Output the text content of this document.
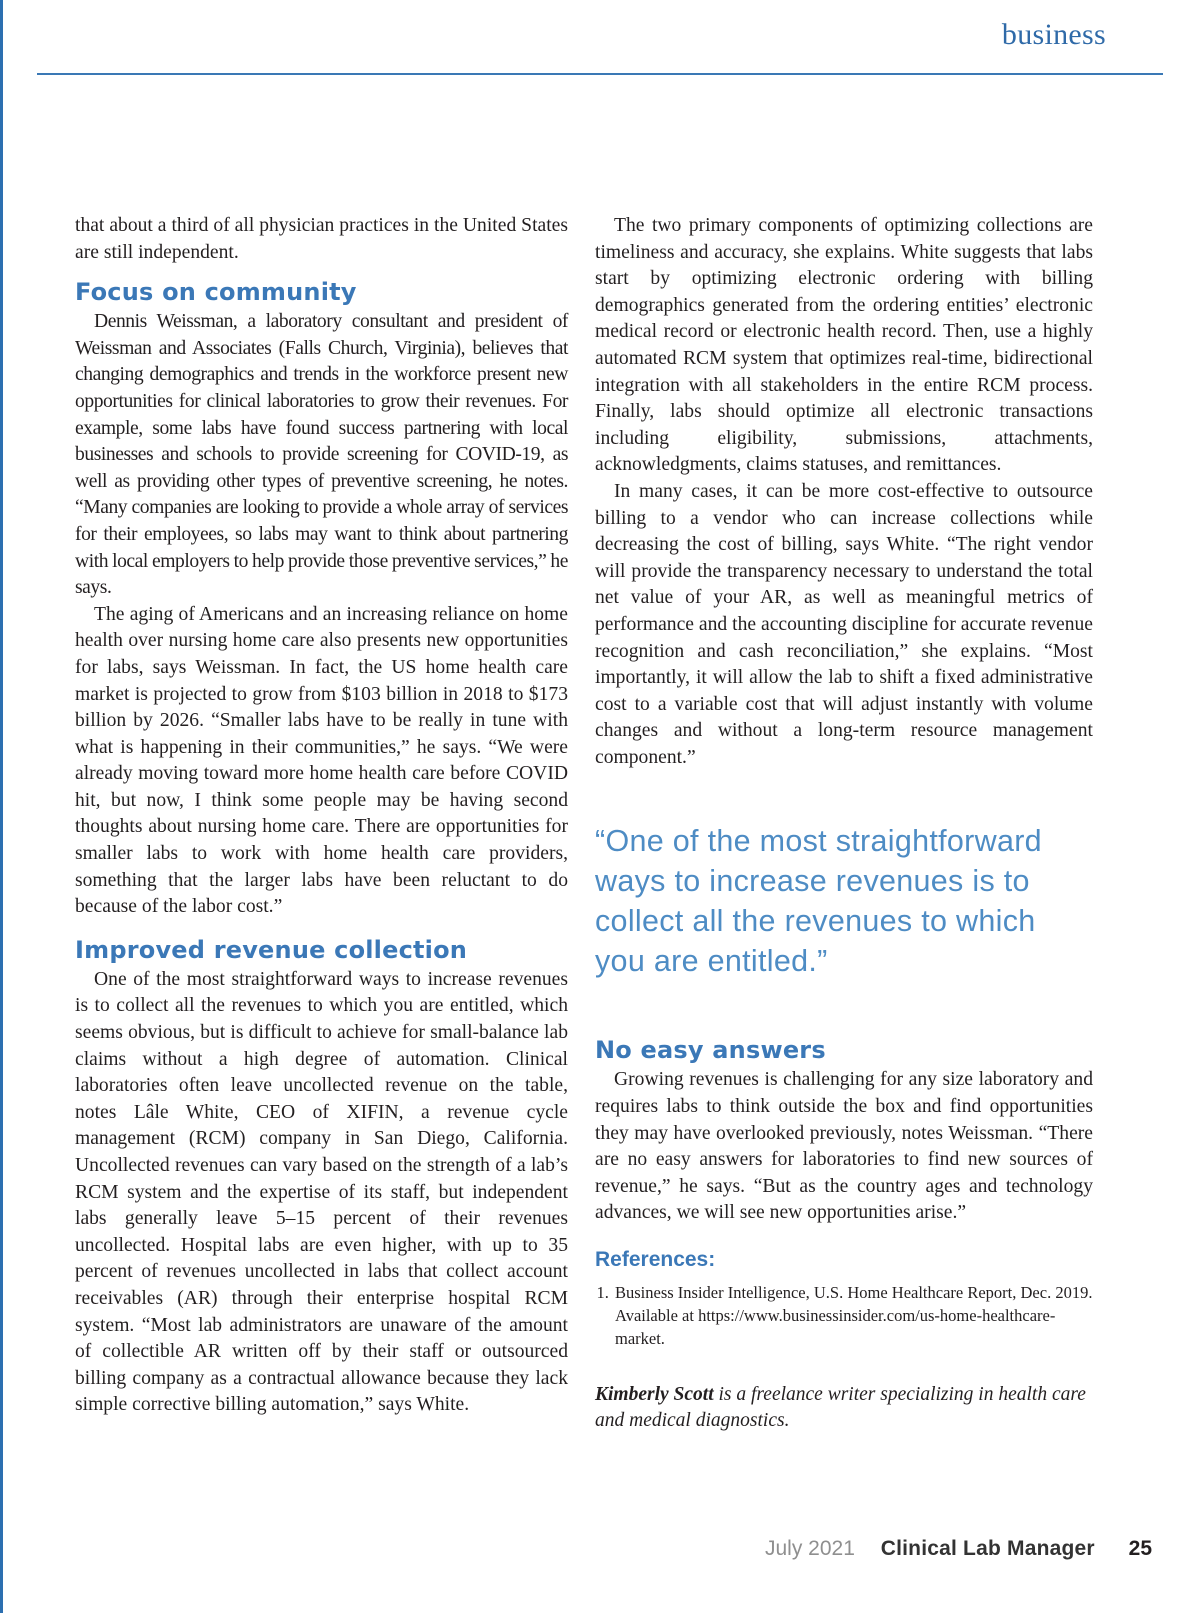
business

that about a third of all physician practices in the United States are still independent.

Focus on community

Dennis Weissman, a laboratory consultant and president of Weissman and Associates (Falls Church, Virginia), believes that changing demographics and trends in the workforce present new opportunities for clinical laboratories to grow their revenues. For example, some labs have found success partnering with local businesses and schools to provide screening for COVID-19, as well as providing other types of preventive screening, he notes. “Many companies are looking to provide a whole array of services for their employees, so labs may want to think about partnering with local employers to help provide those preventive services,” he says.

The aging of Americans and an increasing reliance on home health over nursing home care also presents new opportunities for labs, says Weissman. In fact, the US home health care market is projected to grow from $103 billion in 2018 to $173 billion by 2026. “Smaller labs have to be really in tune with what is happening in their communities,” he says. “We were already moving toward more home health care before COVID hit, but now, I think some people may be having second thoughts about nursing home care. There are opportunities for smaller labs to work with home health care providers, something that the larger labs have been reluctant to do because of the labor cost.”

Improved revenue collection

One of the most straightforward ways to increase revenues is to collect all the revenues to which you are entitled, which seems obvious, but is difficult to achieve for small-balance lab claims without a high degree of automation. Clinical laboratories often leave uncollected revenue on the table, notes Lâle White, CEO of XIFIN, a revenue cycle management (RCM) company in San Diego, California. Uncollected revenues can vary based on the strength of a lab’s RCM system and the expertise of its staff, but independent labs generally leave 5–15 percent of their revenues uncollected. Hospital labs are even higher, with up to 35 percent of revenues uncollected in labs that collect account receivables (AR) through their enterprise hospital RCM system. “Most lab administrators are unaware of the amount of collectible AR written off by their staff or outsourced billing company as a contractual allowance because they lack simple corrective billing automation,” says White.

The two primary components of optimizing collections are timeliness and accuracy, she explains. White suggests that labs start by optimizing electronic ordering with billing demographics generated from the ordering entities’ electronic medical record or electronic health record. Then, use a highly automated RCM system that optimizes real-time, bidirectional integration with all stakeholders in the entire RCM process. Finally, labs should optimize all electronic transactions including eligibility, submissions, attachments, acknowledgments, claims statuses, and remittances.

In many cases, it can be more cost-effective to outsource billing to a vendor who can increase collections while decreasing the cost of billing, says White. “The right vendor will provide the transparency necessary to understand the total net value of your AR, as well as meaningful metrics of performance and the accounting discipline for accurate revenue recognition and cash reconciliation,” she explains. “Most importantly, it will allow the lab to shift a fixed administrative cost to a variable cost that will adjust instantly with volume changes and without a long-term resource management component.”

“One of the most straightforward ways to increase revenues is to collect all the revenues to which you are entitled.”
No easy answers

Growing revenues is challenging for any size laboratory and requires labs to think outside the box and find opportunities they may have overlooked previously, notes Weissman. “There are no easy answers for laboratories to find new sources of revenue,” he says. “But as the country ages and technology advances, we will see new opportunities arise.”

References:
1. Business Insider Intelligence, U.S. Home Healthcare Report, Dec. 2019. Available at https://www.businessinsider.com/us-home-healthcare-market.

Kimberly Scott is a freelance writer specializing in health care and medical diagnostics.

July 2021 Clinical Lab Manager 25
